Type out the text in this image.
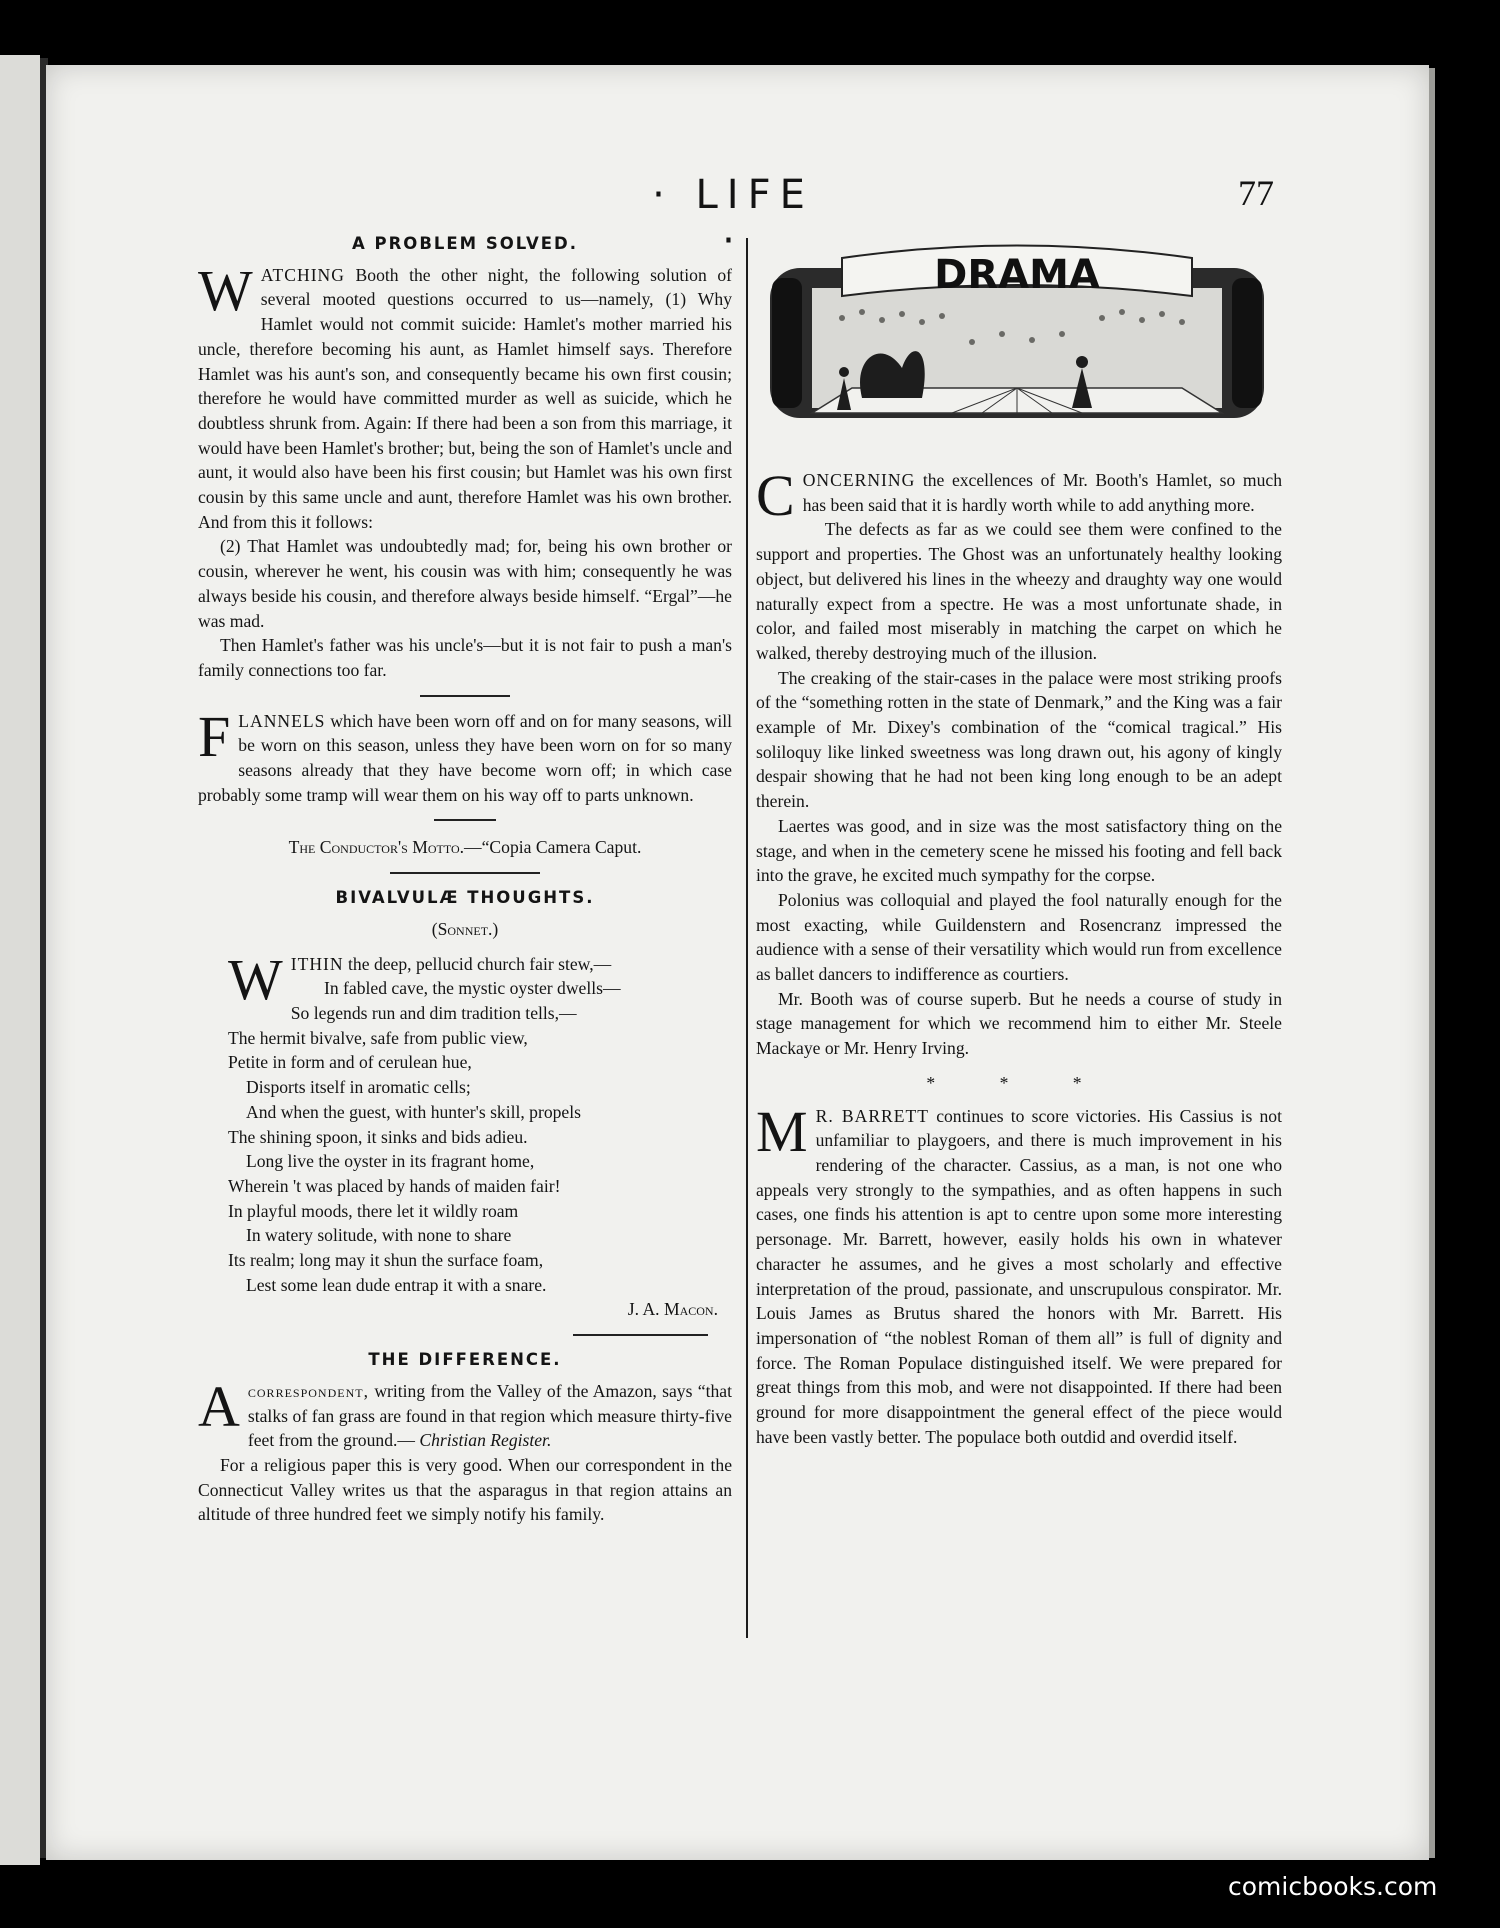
· LIFE ·
77
A PROBLEM SOLVED.

WATCHING Booth the other night, the following solution of several mooted questions occurred to us—namely, (1) Why Hamlet would not commit suicide: Hamlet's mother married his uncle, therefore becoming his aunt, as Hamlet himself says. Therefore Hamlet was his aunt's son, and consequently became his own first cousin; therefore he would have committed murder as well as suicide, which he doubtless shrunk from. Again: If there had been a son from this marriage, it would have been Hamlet's brother; but, being the son of Hamlet's uncle and aunt, it would also have been his first cousin; but Hamlet was his own first cousin by this same uncle and aunt, therefore Hamlet was his own brother. And from this it follows:

(2) That Hamlet was undoubtedly mad; for, being his own brother or cousin, wherever he went, his cousin was with him; consequently he was always beside his cousin, and therefore always beside himself. “Ergal”—he was mad.

Then Hamlet's father was his uncle's—but it is not fair to push a man's family connections too far.

FLANNELS which have been worn off and on for many seasons, will be worn on this season, unless they have been worn on for so many seasons already that they have become worn off; in which case probably some tramp will wear them on his way off to parts unknown.

The Conductor's Motto.—“Copia Camera Caput.
BIVALVULÆ THOUGHTS.
(Sonnet.)
WITHIN the deep, pellucid church fair stew,—
In fabled cave, the mystic oyster dwells—
So legends run and dim tradition tells,—
The hermit bivalve, safe from public view,
Petite in form and of cerulean hue,
Disports itself in aromatic cells;
And when the guest, with hunter's skill, propels
The shining spoon, it sinks and bids adieu.
Long live the oyster in its fragrant home,
Wherein 't was placed by hands of maiden fair!
In playful moods, there let it wildly roam
In watery solitude, with none to share
Its realm; long may it shun the surface foam,
Lest some lean dude entrap it with a snare.
J. A. Macon.
THE DIFFERENCE.

Acorrespondent, writing from the Valley of the Amazon, says “that stalks of fan grass are found in that region which measure thirty-five feet from the ground.— Christian Register.

For a religious paper this is very good. When our correspondent in the Connecticut Valley writes us that the asparagus in that region attains an altitude of three hundred feet we simply notify his family.

DRAMA

CONCERNING the excellences of Mr. Booth's Hamlet, so much has been said that it is hardly worth while to add anything more.

The defects as far as we could see them were confined to the support and properties. The Ghost was an unfortunately healthy looking object, but delivered his lines in the wheezy and draughty way one would naturally expect from a spectre. He was a most unfortunate shade, in color, and failed most miserably in matching the carpet on which he walked, thereby destroying much of the illusion.

The creaking of the stair-cases in the palace were most striking proofs of the “something rotten in the state of Denmark,” and the King was a fair example of Mr. Dixey's combination of the “comical tragical.” His soliloquy like linked sweetness was long drawn out, his agony of kingly despair showing that he had not been king long enough to be an adept therein.

Laertes was good, and in size was the most satisfactory thing on the stage, and when in the cemetery scene he missed his footing and fell back into the grave, he excited much sympathy for the corpse.

Polonius was colloquial and played the fool naturally enough for the most exacting, while Guildenstern and Rosencranz impressed the audience with a sense of their versatility which would run from excellence as ballet dancers to indifference as courtiers.

Mr. Booth was of course superb. But he needs a course of study in stage management for which we recommend him to either Mr. Steele Mackaye or Mr. Henry Irving.

* * *

M R. BARRETT continues to score victories. His Cassius is not unfamiliar to playgoers, and there is much improvement in his rendering of the character. Cassius, as a man, is not one who appeals very strongly to the sympathies, and as often happens in such cases, one finds his attention is apt to centre upon some more interesting personage. Mr. Barrett, however, easily holds his own in whatever character he assumes, and he gives a most scholarly and effective interpretation of the proud, passionate, and unscrupulous conspirator. Mr. Louis James as Brutus shared the honors with Mr. Barrett. His impersonation of “the noblest Roman of them all” is full of dignity and force. The Roman Populace distinguished itself. We were prepared for great things from this mob, and were not disappointed. If there had been ground for more disappointment the general effect of the piece would have been vastly better. The populace both outdid and overdid itself.

comicbooks.com
